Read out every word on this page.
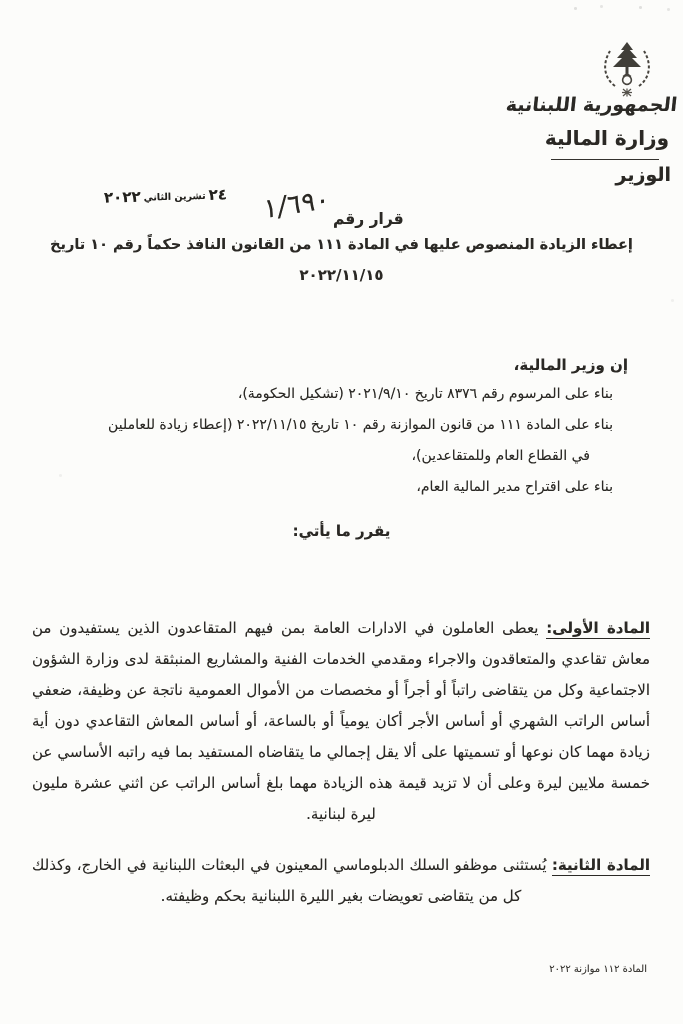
الجمهورية اللبنانية
وزارة المالية
الوزير
٢٤تشرين الثاني٢٠٢٢
قرار رقم
١/٦٩٠
إعطاء الزيادة المنصوص عليها في المادة ١١١ من القانون النافذ حكماً رقم ١٠ تاريخ
٢٠٢٢/١١/١٥
إن وزير المالية،
بناء على المرسوم رقم ٨٣٧٦ تاريخ ٢٠٢١/٩/١٠ (تشكيل الحكومة)،
بناء على المادة ١١١ من قانون الموازنة رقم ١٠ تاريخ ٢٠٢٢/١١/١٥ (إعطاء زيادة للعاملين
في القطاع العام وللمتقاعدين)،
بناء على اقتراح مدير المالية العام،
يقرر ما يأتي:

المادة الأولى: يعطى العاملون في الادارات العامة بمن فيهم المتقاعدون الذين يستفيدون من معاش تقاعدي والمتعاقدون والاجراء ومقدمي الخدمات الفنية والمشاريع المنبثقة لدى وزارة الشؤون الاجتماعية وكل من يتقاضى راتباً أو أجراً أو مخصصات من الأموال العمومية ناتجة عن وظيفة، ضعفي أساس الراتب الشهري أو أساس الأجر أكان يومياً أو بالساعة، أو أساس المعاش التقاعدي دون أية زيادة مهما كان نوعها أو تسميتها على ألا يقل إجمالي ما يتقاضاه المستفيد بما فيه راتبه الأساسي عن خمسة ملايين ليرة وعلى أن لا تزيد قيمة هذه الزيادة مهما بلغ أساس الراتب عن اثني عشرة مليون ليرة لبنانية.

المادة الثانية: يُستثنى موظفو السلك الدبلوماسي المعينون في البعثات اللبنانية في الخارج، وكذلك كل من يتقاضى تعويضات بغير الليرة اللبنانية بحكم وظيفته.

المادة ١١٢ موازنة ٢٠٢٢
